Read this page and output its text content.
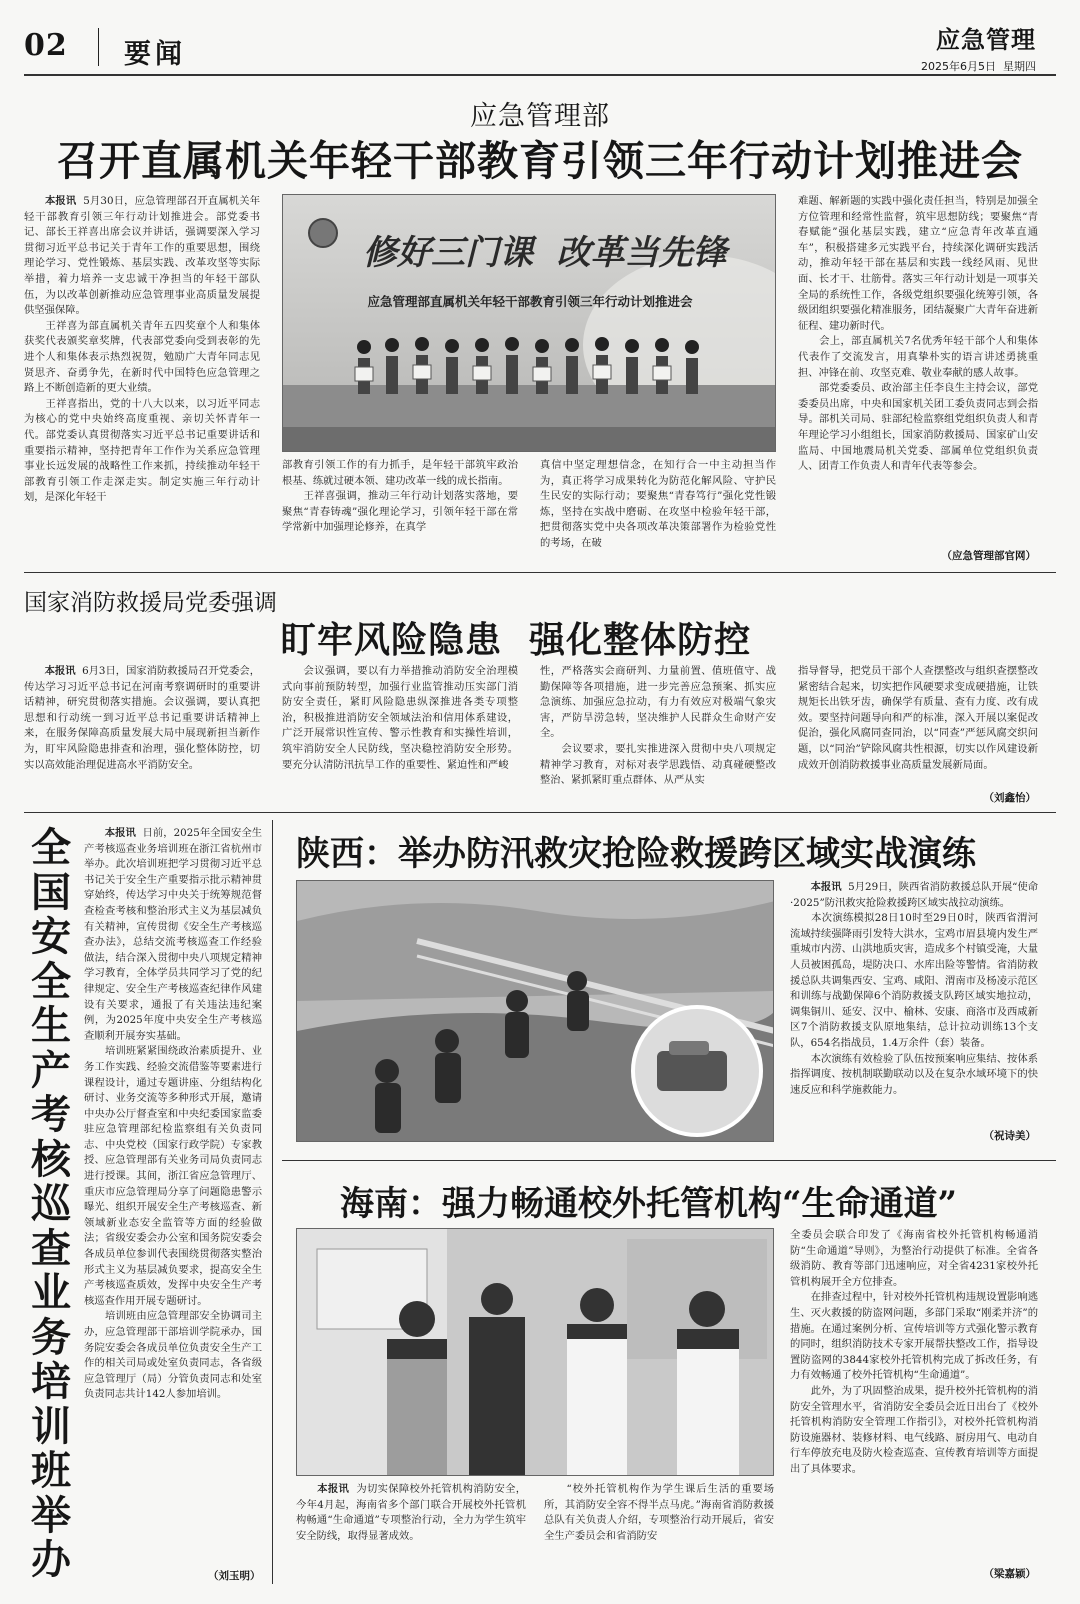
02 要闻	应急管理
2025年6月5日  星期四
应急管理部
召开直属机关年轻干部教育引领三年行动计划推进会
　　本报讯 5月30日，应急管理部召开直属机关年轻干部教育引领三年行动计划推进会。部党委书记、部长王祥喜出席会议并讲话，强调要深入学习贯彻习近平总书记关于青年工作的重要思想，围绕理论学习、党性锻炼、基层实践、改革攻坚等实际举措，着力培养一支忠诚干净担当的年轻干部队伍，为以改革创新推动应急管理事业高质量发展提供坚强保障。
　　王祥喜为部直属机关青年五四奖章个人和集体获奖代表颁奖章奖牌，代表部党委向受到表彰的先进个人和集体表示热烈祝贺，勉励广大青年同志见贤思齐、奋勇争先，在新时代中国特色应急管理之路上不断创造新的更大业绩。
　　王祥喜指出，党的十八大以来，以习近平同志为核心的党中央始终高度重视、亲切关怀青年一代。部党委认真贯彻落实习近平总书记重要讲话和重要指示精神，坚持把青年工作作为关系应急管理事业长远发展的战略性工作来抓，持续推动年轻干部教育引领工作走深走实。制定实施三年行动计划，是深化年轻干
修好三门课  改革当先锋
应急管理部直属机关年轻干部教育引领三年行动计划推进会
部教育引领工作的有力抓手，是年轻干部筑牢政治根基、练就过硬本领、建功改革一线的成长指南。
　　王祥喜强调，推动三年行动计划落实落地，要聚焦“青春铸魂”强化理论学习，引领年轻干部在常学常新中加强理论修养，在真学
真信中坚定理想信念，在知行合一中主动担当作为，真正将学习成果转化为防范化解风险、守护民生民安的实际行动；要聚焦“青春笃行”强化党性锻炼，坚持在实战中磨砺、在攻坚中检验年轻干部，把贯彻落实党中央各项改革决策部署作为检验党性的考场，在破
难题、解新题的实践中强化责任担当，特别是加强全方位管理和经常性监督，筑牢思想防线；要聚焦“青春赋能”强化基层实践，建立“应急青年改革直通车”，积极搭建多元实践平台，持续深化调研实践活动，推动年轻干部在基层和实践一线经风雨、见世面、长才干、壮筋骨。落实三年行动计划是一项事关全局的系统性工作，各级党组织要强化统筹引领，各级团组织要强化精准服务，团结凝聚广大青年奋进新征程、建功新时代。
　　会上，部直属机关7名优秀年轻干部个人和集体代表作了交流发言，用真挚朴实的语言讲述勇挑重担、冲锋在前、攻坚克难、敬业奉献的感人故事。
　　部党委委员、政治部主任李良生主持会议，部党委委员出席，中央和国家机关团工委负责同志到会指导。部机关司局、驻部纪检监察组党组织负责人和青年理论学习小组组长，国家消防救援局、国家矿山安监局、中国地震局机关党委、部属单位党组织负责人、团青工作负责人和青年代表等参会。
（应急管理部官网）
国家消防救援局党委强调
盯牢风险隐患  强化整体防控
　　本报讯 6月3日，国家消防救援局召开党委会，传达学习习近平总书记在河南考察调研时的重要讲话精神，研究贯彻落实措施。会议强调，要认真把思想和行动统一到习近平总书记重要讲话精神上来，在服务保障高质量发展大局中展现新担当新作为，盯牢风险隐患排查和治理，强化整体防控，切实以高效能治理促进高水平消防安全。
　　会议强调，要以有力举措推动消防安全治理模式向事前预防转型，加强行业监管推动压实部门消防安全责任，紧盯风险隐患纵深推进各类专项整治，积极推进消防安全领域法治和信用体系建设，广泛开展常识性宣传、警示性教育和实操性培训，筑牢消防安全人民防线，坚决稳控消防安全形势。要充分认清防汛抗旱工作的重要性、紧迫性和严峻
性，严格落实会商研判、力量前置、值班值守、战勤保障等各项措施，进一步完善应急预案、抓实应急演练、加强应急拉动，有力有效应对极端气象灾害，严防旱涝急转，坚决维护人民群众生命财产安全。
　　会议要求，要扎实推进深入贯彻中央八项规定精神学习教育，对标对表学思践悟、动真碰硬整改整治、紧抓紧盯重点群体、从严从实
指导督导，把党员干部个人查摆整改与组织查摆整改紧密结合起来，切实把作风硬要求变成硬措施，让铁规矩长出铁牙齿，确保学有质量、查有力度、改有成效。要坚持问题导向和严的标准，深入开展以案促改促治，强化风腐同查同治，以“同查”严惩风腐交织问题，以“同治”铲除风腐共性根源，切实以作风建设新成效开创消防救援事业高质量发展新局面。
（刘鑫怡）
全
国
安
全
生
产
考
核
巡
查
业
务
培
训
班
举
办
　　本报讯 日前，2025年全国安全生产考核巡查业务培训班在浙江省杭州市举办。此次培训班把学习贯彻习近平总书记关于安全生产重要指示批示精神贯穿始终，传达学习中央关于统筹规范督查检查考核和整治形式主义为基层减负有关精神，宣传贯彻《安全生产考核巡查办法》，总结交流考核巡查工作经验做法，结合深入贯彻中央八项规定精神学习教育，全体学员共同学习了党的纪律规定、安全生产考核巡查纪律作风建设有关要求，通报了有关违法违纪案例，为2025年度中央安全生产考核巡查顺利开展夯实基础。
　　培训班紧紧围绕政治素质提升、业务工作实践、经验交流借鉴等要素进行课程设计，通过专题讲座、分组结构化研讨、业务交流等多种形式开展，邀请中央办公厅督查室和中央纪委国家监委驻应急管理部纪检监察组有关负责同志、中央党校（国家行政学院）专家教授、应急管理部有关业务司局负责同志进行授课。其间，浙江省应急管理厅、重庆市应急管理局分享了问题隐患警示曝光、组织开展安全生产考核巡查、新领域新业态安全监管等方面的经验做法；省级安委会办公室和国务院安委会各成员单位参训代表围绕贯彻落实整治形式主义为基层减负要求，提高安全生产考核巡查质效，发挥中央安全生产考核巡查作用开展专题研讨。
　　培训班由应急管理部安全协调司主办，应急管理部干部培训学院承办，国务院安委会各成员单位负责安全生产工作的相关司局或处室负责同志，各省级应急管理厅（局）分管负责同志和处室负责同志共计142人参加培训。
（刘玉明）
陕西：举办防汛救灾抢险救援跨区域实战演练
　　本报讯 5月29日，陕西省消防救援总队开展“使命·2025”防汛救灾抢险救援跨区域实战拉动演练。
　　本次演练模拟28日10时至29日0时，陕西省渭河流域持续强降雨引发特大洪水，宝鸡市眉县境内发生严重城市内涝、山洪地质灾害，造成多个村镇受淹，大量人员被困孤岛，堤防决口、水库出险等警情。省消防救援总队共调集西安、宝鸡、咸阳、渭南市及杨凌示范区和训练与战勤保障6个消防救援支队跨区域实地拉动，调集铜川、延安、汉中、榆林、安康、商洛市及西咸新区7个消防救援支队原地集结，总计拉动训练13个支队，654名指战员，1.4万余件（套）装备。
　　本次演练有效检验了队伍按预案响应集结、按体系指挥调度、按机制联勤联动以及在复杂水域环境下的快速反应和科学施救能力。
（祝诗美）
海南：强力畅通校外托管机构“生命通道”
　　本报讯 为切实保障校外托管机构消防安全，今年4月起，海南省多个部门联合开展校外托管机构畅通“生命通道”专项整治行动，全力为学生筑牢安全防线，取得显著成效。
　　“校外托管机构作为学生课后生活的重要场所，其消防安全容不得半点马虎。”海南省消防救援总队有关负责人介绍，专项整治行动开展后，省安全生产委员会和省消防安
全委员会联合印发了《海南省校外托管机构畅通消防“生命通道”导则》，为整治行动提供了标准。全省各级消防、教育等部门迅速响应，对全省4231家校外托管机构展开全方位排查。
　　在排查过程中，针对校外托管机构违规设置影响逃生、灭火救援的防盗网问题，多部门采取“刚柔并济”的措施。在通过案例分析、宣传培训等方式强化警示教育的同时，组织消防技术专家开展帮扶整改工作，指导设置防盗网的3844家校外托管机构完成了拆改任务，有力有效畅通了校外托管机构“生命通道”。
　　此外，为了巩固整治成果，提升校外托管机构的消防安全管理水平，省消防安全委员会近日出台了《校外托管机构消防安全管理工作指引》，对校外托管机构消防设施器材、装修材料、电气线路、厨房用气、电动自行车停放充电及防火检查巡查、宣传教育培训等方面提出了具体要求。
（梁嘉颖）
